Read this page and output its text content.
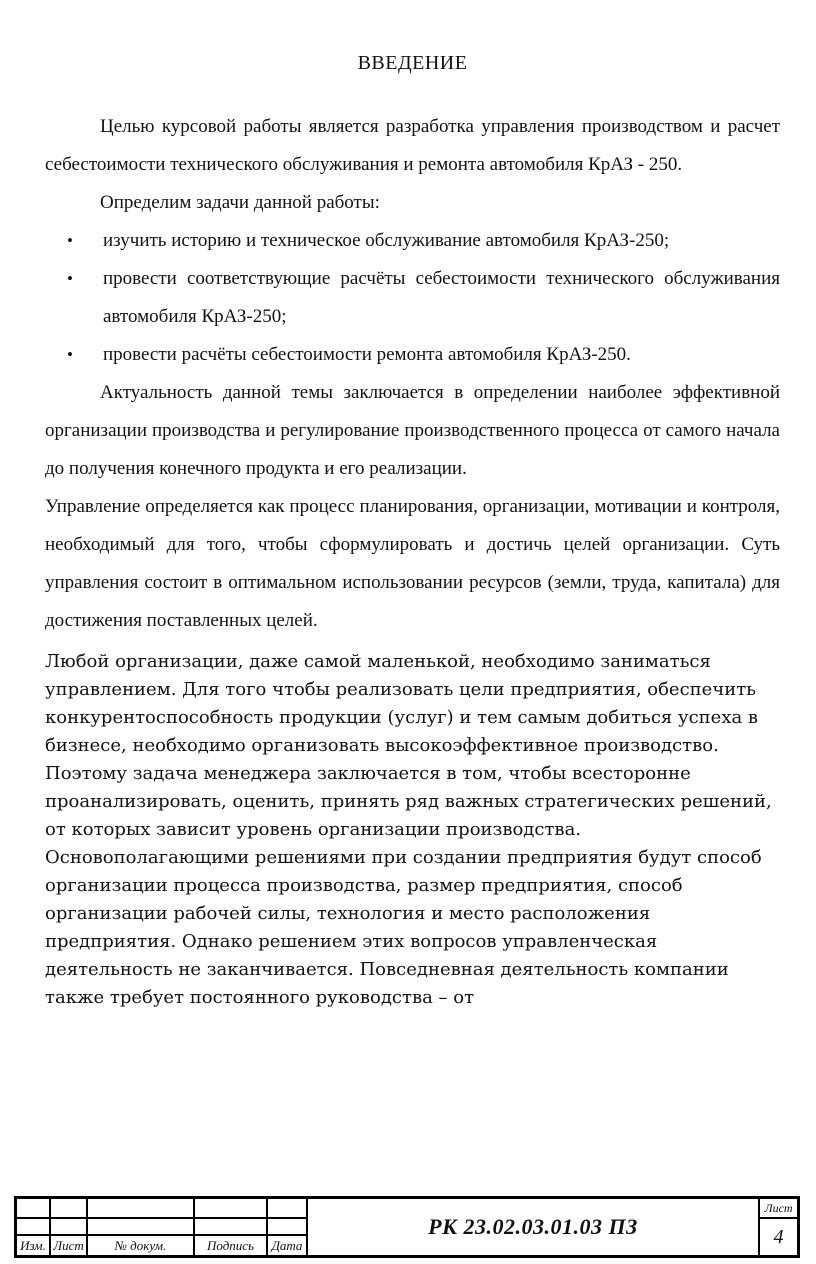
ВВЕДЕНИЕ

Целью курсовой работы является разработка управления производством и расчет себестоимости технического обслуживания и ремонта автомобиля КрАЗ - 250.

Определим задачи данной работы:

• изучить историю и техническое обслуживание автомобиля КрАЗ-250;
• провести соответствующие расчёты себестоимости технического обслуживания автомобиля КрАЗ-250;
• провести расчёты себестоимости ремонта автомобиля КрАЗ-250.

Актуальность данной темы заключается в определении наиболее эффективной организации производства и регулирование производственного процесса от самого начала до получения конечного продукта и его реализации.

Управление определяется как процесс планирования, организации, мотивации и контроля, необходимый для того, чтобы сформулировать и достичь целей организации. Суть управления состоит в оптимальном использовании ресурсов (земли, труда, капитала) для достижения поставленных целей.

Любой организации, даже самой маленькой, необходимо заниматься управлением. Для того чтобы реализовать цели предприятия, обеспечить конкурентоспособность продукции (услуг) и тем самым добиться успеха в бизнесе, необходимо организовать высокоэффективное производство. Поэтому задача менеджера заключается в том, чтобы всесторонне проанализировать, оценить, принять ряд важных стратегических решений, от которых зависит уровень организации производства. Основополагающими решениями при создании предприятия будут способ организации процесса производства, размер предприятия, способ организации рабочей силы, технология и место расположения предприятия. Однако решением этих вопросов управленческая деятельность не заканчивается. Повседневная деятельность компании также требует постоянного руководства – от

РК 23.02.03.01.03 ПЗ
Лист
4
Изм. Лист	№ докум.	Подпись	Дата
